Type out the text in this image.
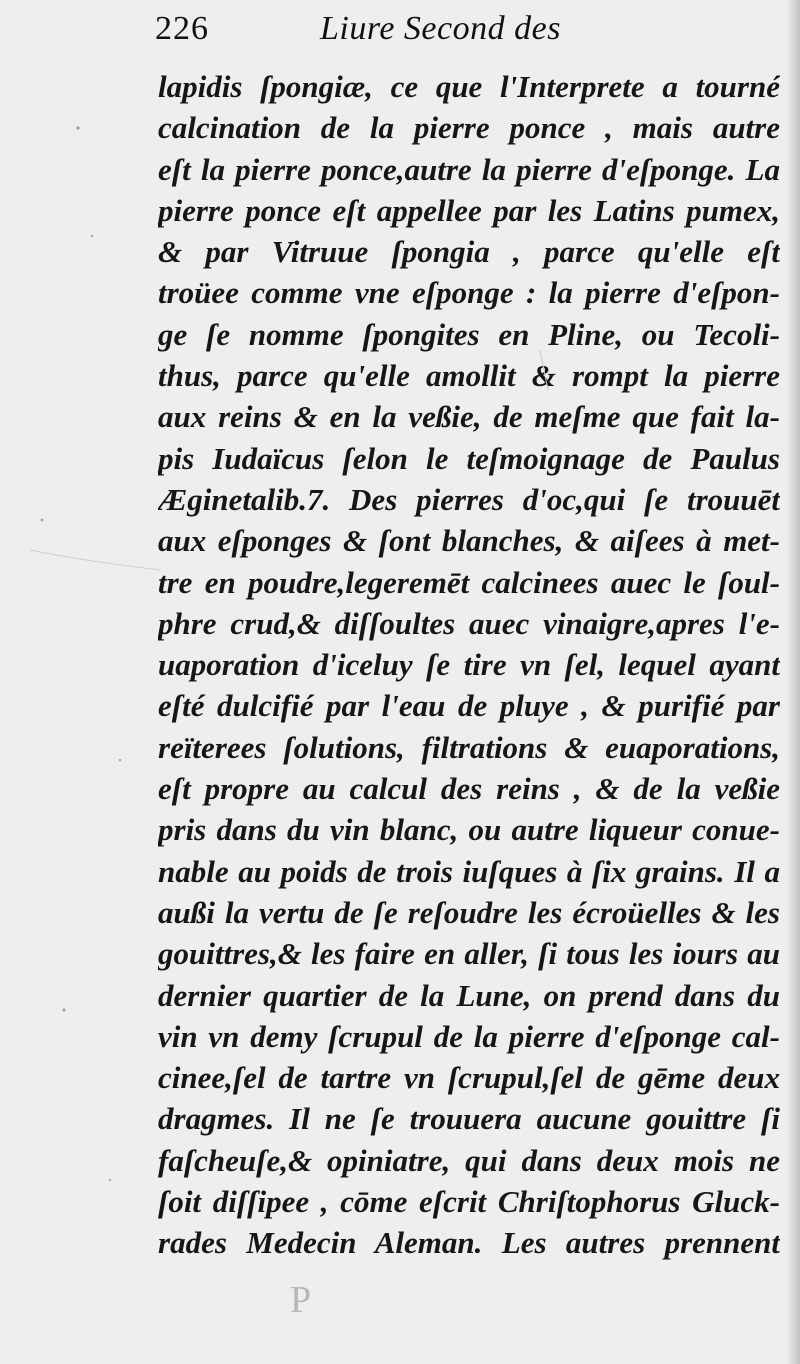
226	Liure Second des
lapidis ſpongiæ, ce que l'Interprete a tourné
calcination de la pierre ponce , mais autre
eſt la pierre ponce,autre la pierre d'eſponge. La
pierre ponce eſt appellee par les Latins pumex,
& par Vitruue ſpongia , parce qu'elle eſt
troüee comme vne eſponge : la pierre d'eſpon-
ge ſe nomme ſpongites en Pline, ou Tecoli-
thus, parce qu'elle amollit & rompt la pierre
aux reins & en la veßie, de meſme que fait la-
pis Iudaïcus ſelon le teſmoignage de Paulus
Æginetalib.7. Des pierres d'oc,qui ſe trouuēt
aux eſponges & ſont blanches, & aiſees à met-
tre en poudre,legeremēt calcinees auec le ſoul-
phre crud,& diſſoultes auec vinaigre,apres l'e-
uaporation d'iceluy ſe tire vn ſel, lequel ayant
eſté dulcifié par l'eau de pluye , & purifié par
reïterees ſolutions, filtrations & euaporations,
eſt propre au calcul des reins , & de la veßie
pris dans du vin blanc, ou autre liqueur conue-
nable au poids de trois iuſques à ſix grains. Il a
außi la vertu de ſe reſoudre les écroüelles & les
gouittres,& les faire en aller, ſi tous les iours au
dernier quartier de la Lune, on prend dans du
vin vn demy ſcrupul de la pierre d'eſponge cal-
cinee,ſel de tartre vn ſcrupul,ſel de gēme deux
dragmes. Il ne ſe trouuera aucune gouittre ſi
faſcheuſe,& opiniatre, qui dans deux mois ne
ſoit diſſipee , cōme eſcrit Chriſtophorus Gluck-
rades Medecin Aleman. Les autres prennent
P
